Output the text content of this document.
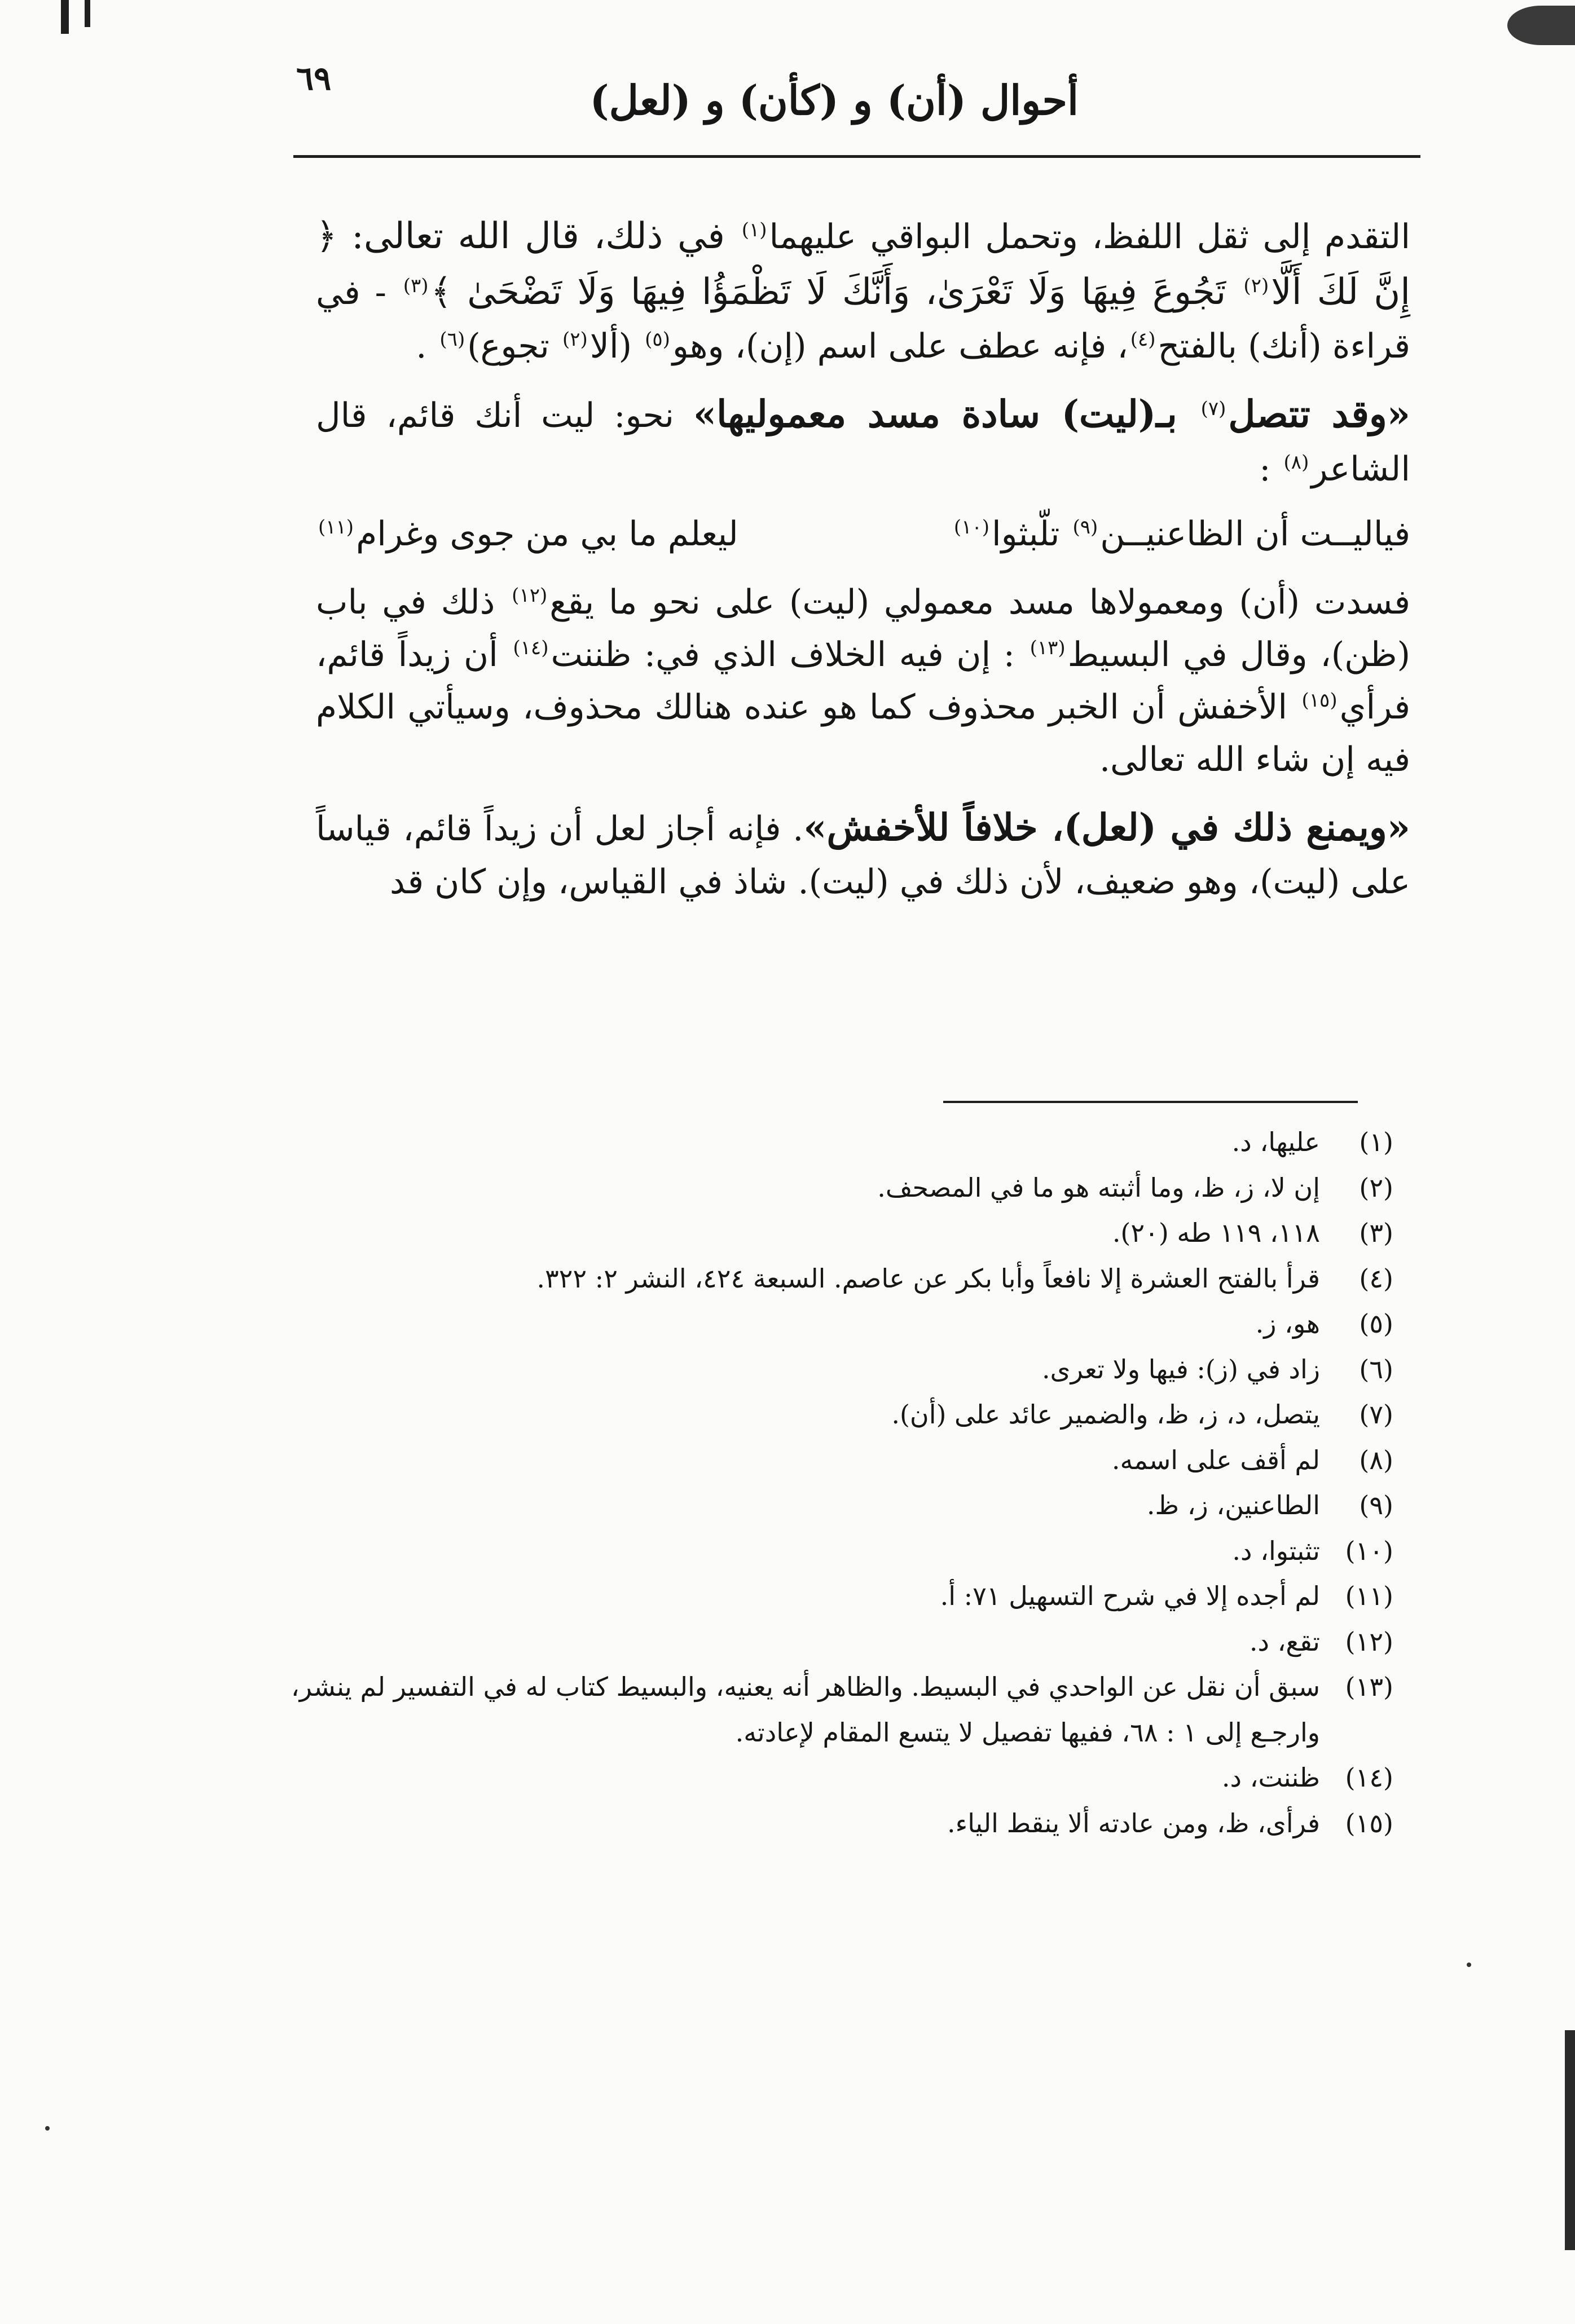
٦٩	أحوال (أن) و (كأن) و (لعل)

التقدم إلى ثقل اللفظ، وتحمل البواقي عليهما$^{(١)}$ في ذلك، قال الله تعالى: ﴿ إِنَّ لَكَ أَلَّا$^{(٢)}$ تَجُوعَ فِيهَا وَلَا تَعْرَىٰ، وَأَنَّكَ لَا تَظْمَؤُا فِيهَا وَلَا تَضْحَىٰ ﴾$^{(٣)}$ - في قراءة (أنك) بالفتح$^{(٤)}$، فإنه عطف على اسم (إن)، وهو$^{(٥)}$ (ألا$^{(٢)}$ تجوع)$^{(٦)}$ .

«وقد تتصل$^{(٧)}$ بـ(ليت) سادة مسد معموليها» نحو: ليت أنك قائم، قال الشاعر$^{(٨)}$ :

فياليــت أن الظاعنيــن$^{(٩)}$ تلّبثوا$^{(١٠)}$
ليعلم ما بي من جوى وغرام$^{(١١)}$

فسدت (أن) ومعمولاها مسد معمولي (ليت) على نحو ما يقع$^{(١٢)}$ ذلك في باب (ظن)، وقال في البسيط$^{(١٣)}$ : إن فيه الخلاف الذي في: ظننت$^{(١٤)}$ أن زيداً قائم، فرأي$^{(١٥)}$ الأخفش أن الخبر محذوف كما هو عنده هنالك محذوف، وسيأتي الكلام فيه إن شاء الله تعالى.

«ويمنع ذلك في (لعل)، خلافاً للأخفش». فإنه أجاز لعل أن زيداً قائم، قياساً على (ليت)، وهو ضعيف، لأن ذلك في (ليت). شاذ في القياس، وإن كان قد

(١)
عليها، د.
(٢)
إن لا، ز، ظ، وما أثبته هو ما في المصحف.
(٣)
١١٨، ١١٩ طه (٢٠).
(٤)
قرأ بالفتح العشرة إلا نافعاً وأبا بكر عن عاصم. السبعة ٤٢٤، النشر ٢: ٣٢٢.
(٥)
هو، ز.
(٦)
زاد في (ز): فيها ولا تعرى.
(٧)
يتصل، د، ز، ظ، والضمير عائد على (أن).
(٨)
لم أقف على اسمه.
(٩)
الطاعنين، ز، ظ.
(١٠)
تثبتوا، د.
(١١)
لم أجده إلا في شرح التسهيل ٧١: أ.
(١٢)
تقع، د.
(١٣)
سبق أن نقل عن الواحدي في البسيط. والظاهر أنه يعنيه، والبسيط كتاب له في التفسير لم ينشر، وارجـع إلى ١ : ٦٨، ففيها تفصيل لا يتسع المقام لإعادته.
(١٤)
ظننت، د.
(١٥)
فرأى، ظ، ومن عادته ألا ينقط الياء.
